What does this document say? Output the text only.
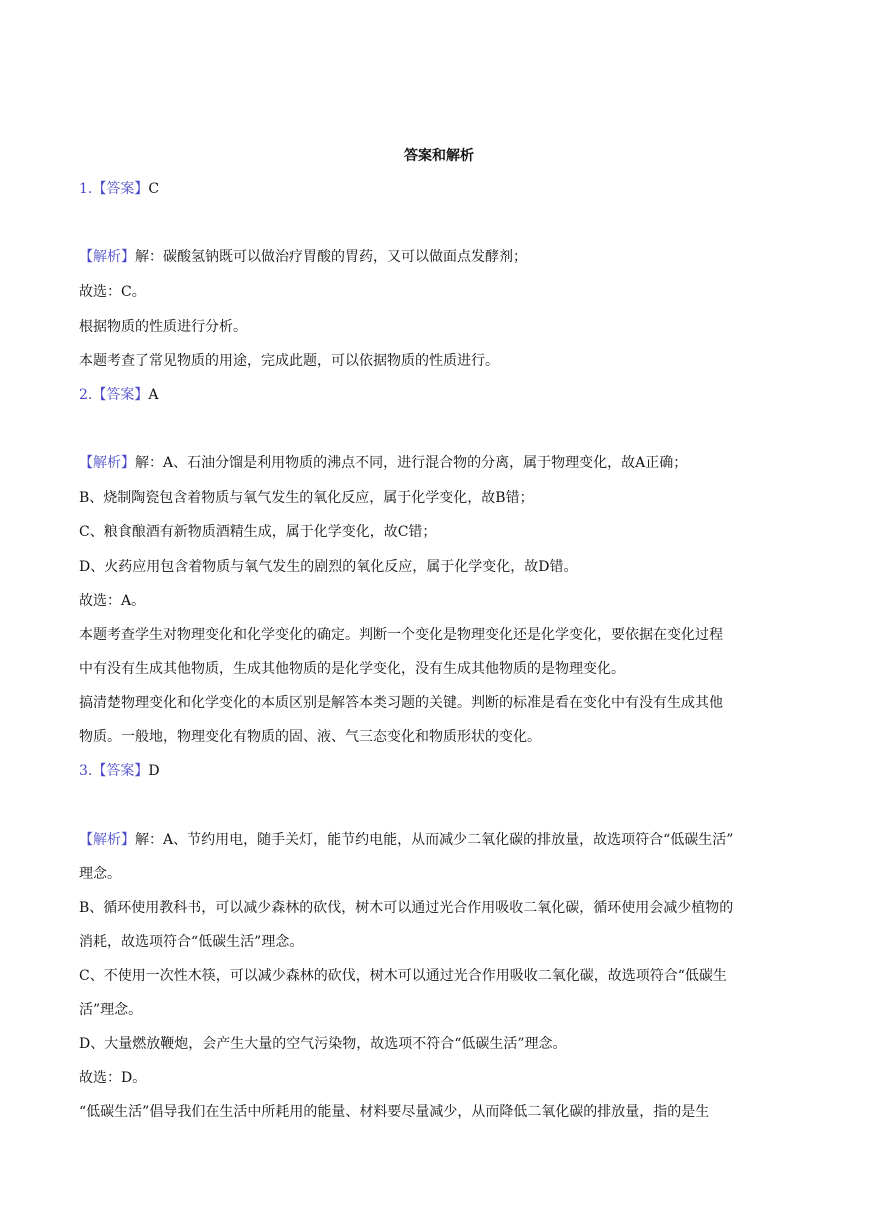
答案和解析
1.【答案】C
【解析】解：碳酸氢钠既可以做治疗胃酸的胃药，又可以做面点发酵剂；
故选：C。
根据物质的性质进行分析。
本题考查了常见物质的用途，完成此题，可以依据物质的性质进行。
2.【答案】A
【解析】解：A、石油分馏是利用物质的沸点不同，进行混合物的分离，属于物理变化，故A正确；
B、烧制陶瓷包含着物质与氧气发生的氧化反应，属于化学变化，故B错；
C、粮食酿酒有新物质酒精生成，属于化学变化，故C错；
D、火药应用包含着物质与氧气发生的剧烈的氧化反应，属于化学变化，故D错。
故选：A。
本题考查学生对物理变化和化学变化的确定。判断一个变化是物理变化还是化学变化，要依据在变化过程
中有没有生成其他物质，生成其他物质的是化学变化，没有生成其他物质的是物理变化。
搞清楚物理变化和化学变化的本质区别是解答本类习题的关键。判断的标准是看在变化中有没有生成其他
物质。一般地，物理变化有物质的固、液、气三态变化和物质形状的变化。
3.【答案】D
【解析】解：A、节约用电，随手关灯，能节约电能，从而减少二氧化碳的排放量，故选项符合“低碳生活”
理念。
B、循环使用教科书，可以减少森林的砍伐，树木可以通过光合作用吸收二氧化碳，循环使用会减少植物的
消耗，故选项符合“低碳生活”理念。
C、不使用一次性木筷，可以减少森林的砍伐，树木可以通过光合作用吸收二氧化碳，故选项符合“低碳生
活”理念。
D、大量燃放鞭炮，会产生大量的空气污染物，故选项不符合“低碳生活”理念。
故选：D。
“低碳生活”倡导我们在生活中所耗用的能量、材料要尽量减少，从而降低二氧化碳的排放量，指的是生
